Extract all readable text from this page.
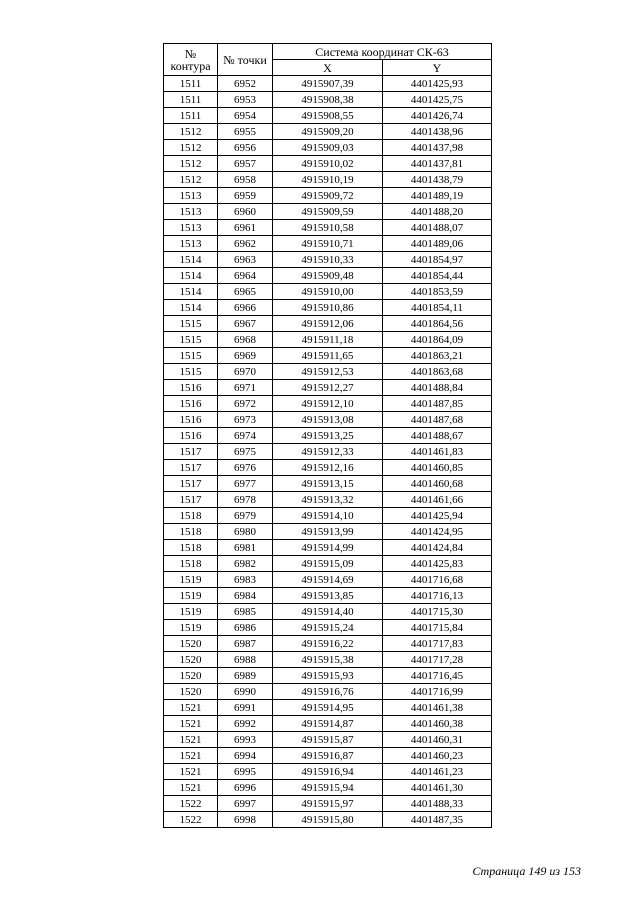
№
контура	№ точки	Система координат СК-63	
		X	Y
1511	6952	4915907,39	4401425,93
1511	6953	4915908,38	4401425,75
1511	6954	4915908,55	4401426,74
1512	6955	4915909,20	4401438,96
1512	6956	4915909,03	4401437,98
1512	6957	4915910,02	4401437,81
1512	6958	4915910,19	4401438,79
1513	6959	4915909,72	4401489,19
1513	6960	4915909,59	4401488,20
1513	6961	4915910,58	4401488,07
1513	6962	4915910,71	4401489,06
1514	6963	4915910,33	4401854,97
1514	6964	4915909,48	4401854,44
1514	6965	4915910,00	4401853,59
1514	6966	4915910,86	4401854,11
1515	6967	4915912,06	4401864,56
1515	6968	4915911,18	4401864,09
1515	6969	4915911,65	4401863,21
1515	6970	4915912,53	4401863,68
1516	6971	4915912,27	4401488,84
1516	6972	4915912,10	4401487,85
1516	6973	4915913,08	4401487,68
1516	6974	4915913,25	4401488,67
1517	6975	4915912,33	4401461,83
1517	6976	4915912,16	4401460,85
1517	6977	4915913,15	4401460,68
1517	6978	4915913,32	4401461,66
1518	6979	4915914,10	4401425,94
1518	6980	4915913,99	4401424,95
1518	6981	4915914,99	4401424,84
1518	6982	4915915,09	4401425,83
1519	6983	4915914,69	4401716,68
1519	6984	4915913,85	4401716,13
1519	6985	4915914,40	4401715,30
1519	6986	4915915,24	4401715,84
1520	6987	4915916,22	4401717,83
1520	6988	4915915,38	4401717,28
1520	6989	4915915,93	4401716,45
1520	6990	4915916,76	4401716,99
1521	6991	4915914,95	4401461,38
1521	6992	4915914,87	4401460,38
1521	6993	4915915,87	4401460,31
1521	6994	4915916,87	4401460,23
1521	6995	4915916,94	4401461,23
1521	6996	4915915,94	4401461,30
1522	6997	4915915,97	4401488,33
1522	6998	4915915,80	4401487,35
Страница 149 из 153
